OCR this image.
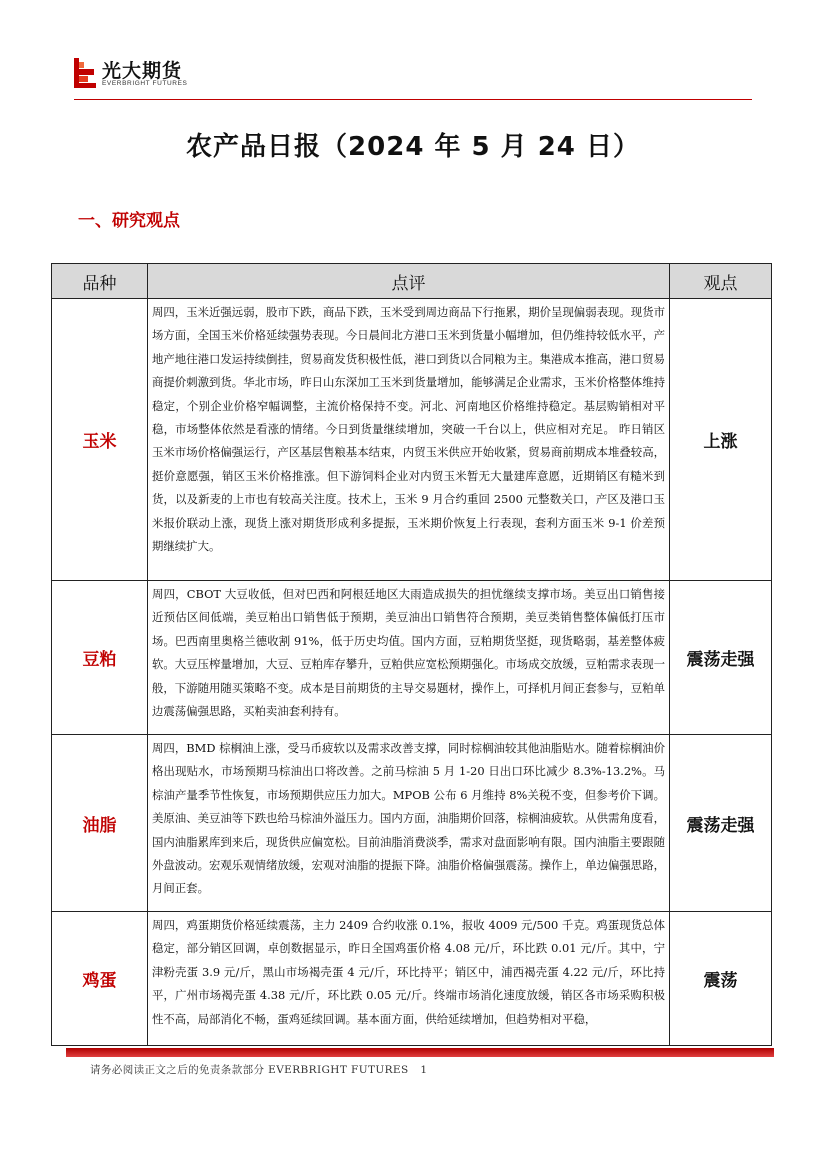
光大期货
EVERBRIGHT FUTURES
农产品日报（2024 年 5 月 24 日）
一、研究观点
品种	点评	观点
玉米	周四，玉米近强远弱，股市下跌，商品下跌，玉米受到周边商品下行拖累，期价呈现偏弱表现。现货市场方面，全国玉米价格延续强势表现。今日晨间北方港口玉米到货量小幅增加，但仍维持较低水平，产地产地往港口发运持续倒挂，贸易商发货积极性低，港口到货以合同粮为主。集港成本推高，港口贸易商提价刺激到货。华北市场，昨日山东深加工玉米到货量增加，能够满足企业需求，玉米价格整体维持稳定，个别企业价格窄幅调整，主流价格保持不变。河北、河南地区价格维持稳定。基层购销相对平稳，市场整体依然是看涨的情绪。今日到货量继续增加，突破一千台以上，供应相对充足。 昨日销区玉米市场价格偏强运行，产区基层售粮基本结束，内贸玉米供应开始收紧，贸易商前期成本堆叠较高，挺价意愿强，销区玉米价格推涨。但下游饲料企业对内贸玉米暂无大量建库意愿，近期销区有糙米到货，以及新麦的上市也有较高关注度。技术上，玉米 9 月合约重回 2500 元整数关口，产区及港口玉米报价联动上涨，现货上涨对期货形成利多提振，玉米期价恢复上行表现，套利方面玉米 9-1 价差预期继续扩大。	上涨
豆粕	周四，CBOT 大豆收低，但对巴西和阿根廷地区大雨造成损失的担忧继续支撑市场。美豆出口销售接近预估区间低端，美豆粕出口销售低于预期，美豆油出口销售符合预期，美豆类销售整体偏低打压市场。巴西南里奥格兰德收割 91%，低于历史均值。国内方面，豆粕期货坚挺，现货略弱，基差整体疲软。大豆压榨量增加，大豆、豆粕库存攀升，豆粕供应宽松预期强化。市场成交放缓，豆粕需求表现一般，下游随用随买策略不变。成本是目前期货的主导交易题材，操作上，可择机月间正套参与，豆粕单边震荡偏强思路，买粕卖油套利持有。	震荡走强
油脂	周四，BMD 棕榈油上涨，受马币疲软以及需求改善支撑，同时棕榈油较其他油脂贴水。随着棕榈油价格出现贴水，市场预期马棕油出口将改善。之前马棕油 5 月 1-20 日出口环比减少 8.3%-13.2%。马棕油产量季节性恢复，市场预期供应压力加大。MPOB 公布 6 月维持 8%关税不变，但参考价下调。美原油、美豆油等下跌也给马棕油外溢压力。国内方面，油脂期价回落，棕榈油疲软。从供需角度看，国内油脂累库到来后，现货供应偏宽松。目前油脂消费淡季，需求对盘面影响有限。国内油脂主要跟随外盘波动。宏观乐观情绪放缓，宏观对油脂的提振下降。油脂价格偏强震荡。操作上，单边偏强思路，月间正套。	震荡走强
鸡蛋	周四，鸡蛋期货价格延续震荡，主力 2409 合约收涨 0.1%，报收 4009 元/500 千克。鸡蛋现货总体稳定，部分销区回调，卓创数据显示，昨日全国鸡蛋价格 4.08 元/斤，环比跌 0.01 元/斤。其中，宁津粉壳蛋 3.9 元/斤，黑山市场褐壳蛋 4 元/斤，环比持平；销区中，浦西褐壳蛋 4.22 元/斤，环比持平，广州市场褐壳蛋 4.38 元/斤，环比跌 0.05 元/斤。终端市场消化速度放缓，销区各市场采购积极性不高，局部消化不畅，蛋鸡延续回调。基本面方面，供给延续增加，但趋势相对平稳，	震荡
请务必阅读正文之后的免责条款部分 EVERBRIGHT FUTURES 1
